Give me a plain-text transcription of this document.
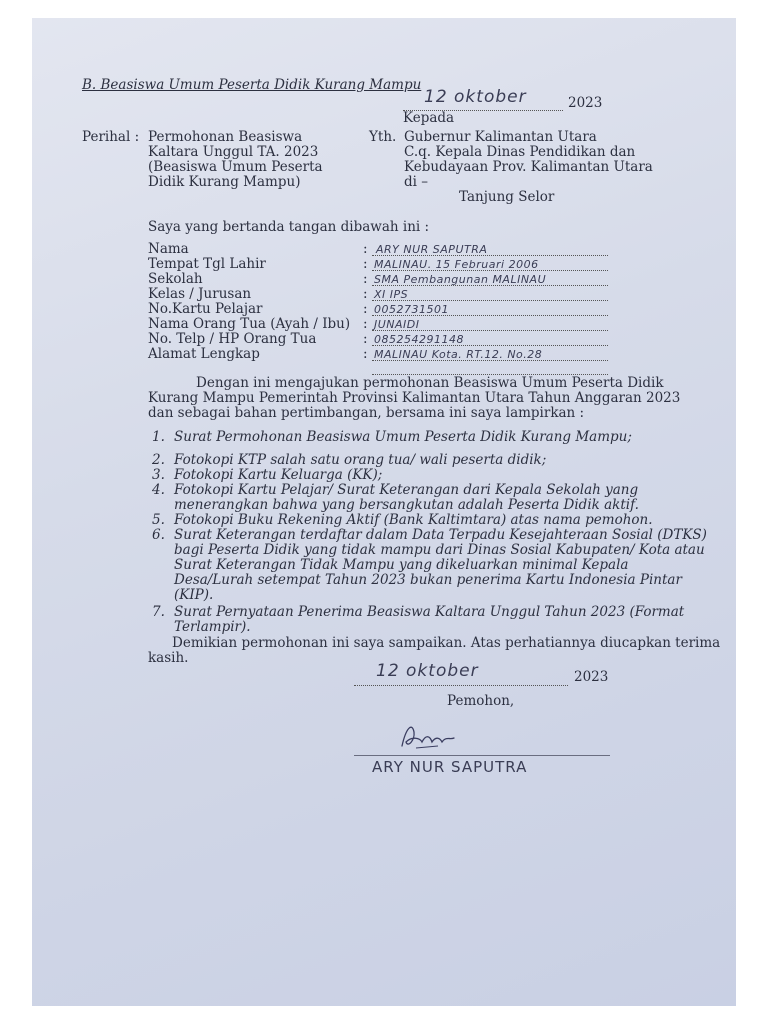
B. Beasiswa Umum Peserta Didik Kurang Mampu
12 oktober	2023
Kepada
Perihal : Permohonan Beasiswa
Kaltara Unggul TA. 2023
(Beasiswa Umum Peserta
Didik Kurang Mampu)
Yth. Gubernur Kalimantan Utara
C.q. Kepala Dinas Pendidikan dan
Kebudayaan Prov. Kalimantan Utara
di –
Tanjung Selor
Saya yang bertanda tangan dibawah ini :
Nama
Tempat Tgl Lahir
Sekolah
Kelas / Jurusan
No.Kartu Pelajar
Nama Orang Tua (Ayah / Ibu)
No. Telp / HP Orang Tua
Alamat Lengkap
:
:
:
:
:
:
:
:
ARY NUR SAPUTRA
MALINAU. 15 Februari 2006
SMA Pembangunan MALINAU
XI IPS
0052731501
JUNAIDI
085254291148
MALINAU Kota. RT.12. No.28
Dengan ini mengajukan permohonan Beasiswa Umum Peserta Didik
Kurang Mampu Pemerintah Provinsi Kalimantan Utara Tahun Anggaran 2023
dan sebagai bahan pertimbangan, bersama ini saya lampirkan :
1. Surat Permohonan Beasiswa Umum Peserta Didik Kurang Mampu;
2. Fotokopi KTP salah satu orang tua/ wali peserta didik;
3. Fotokopi Kartu Keluarga (KK);
4. Fotokopi Kartu Pelajar/ Surat Keterangan dari Kepala Sekolah yang
menerangkan bahwa yang bersangkutan adalah Peserta Didik aktif.
5. Fotokopi Buku Rekening Aktif (Bank Kaltimtara) atas nama pemohon.
6. Surat Keterangan terdaftar dalam Data Terpadu Kesejahteraan Sosial (DTKS)
bagi Peserta Didik yang tidak mampu dari Dinas Sosial Kabupaten/ Kota atau
Surat Keterangan Tidak Mampu yang dikeluarkan minimal Kepala
Desa/Lurah setempat Tahun 2023 bukan penerima Kartu Indonesia Pintar
(KIP).
7. Surat Pernyataan Penerima Beasiswa Kaltara Unggul Tahun 2023 (Format
Terlampir).
Demikian permohonan ini saya sampaikan. Atas perhatiannya diucapkan terima
kasih.
12 oktober	2023
Pemohon,
ARY NUR SAPUTRA
